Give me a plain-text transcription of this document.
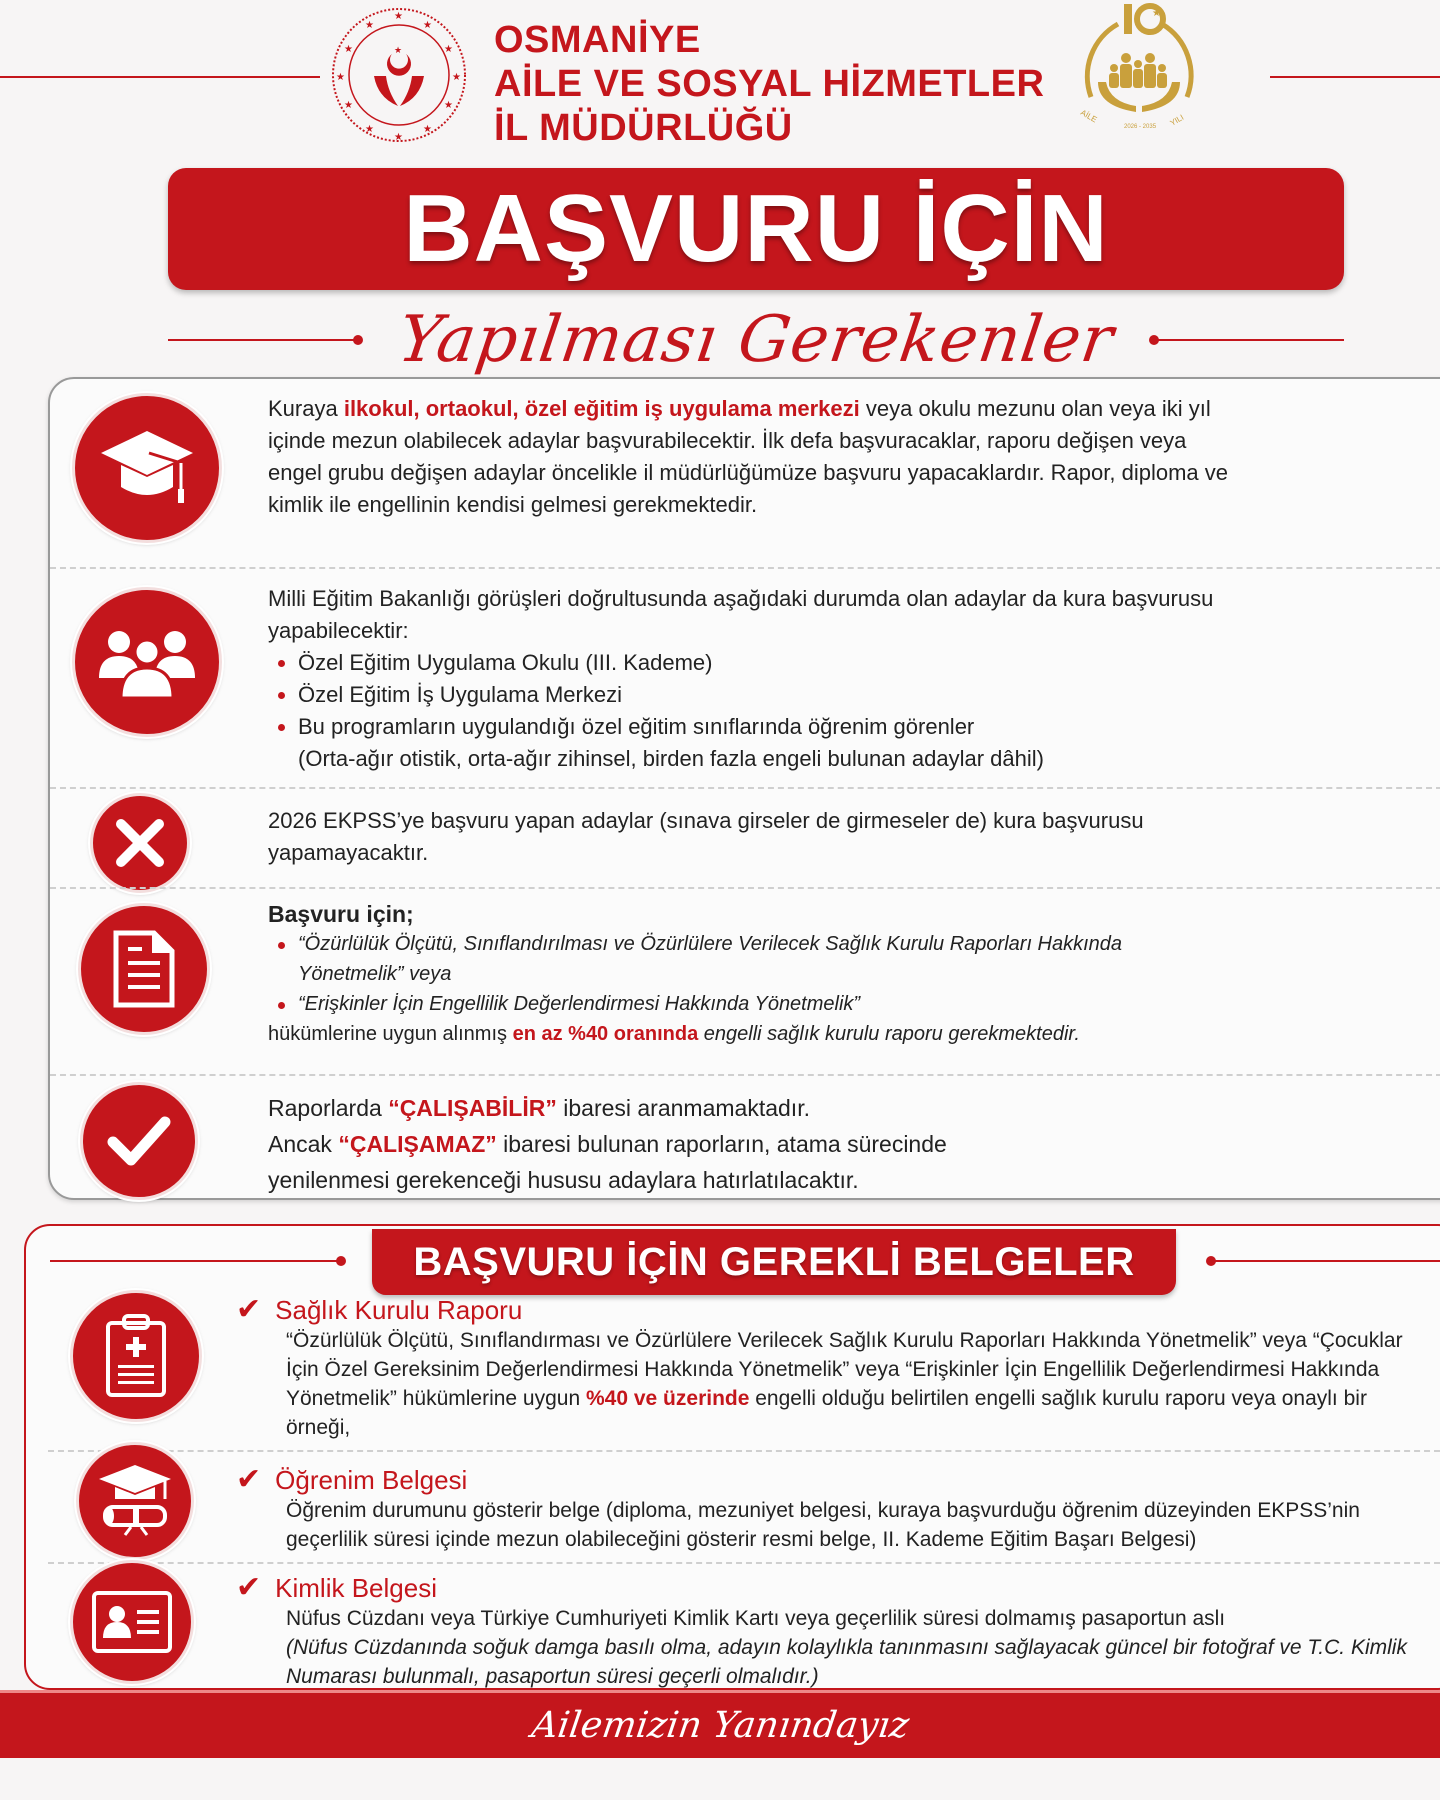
★
★	★
★	★
★	★
★	★
★	★
★
★ OSMANİYE
AİLE VE SOSYAL HİZMETLER
İL MÜDÜRLÜĞÜ
★
2026 - 2035
AİLE	YILI
BAŞVURU İÇİN
Yapılması Gerekenler
Kuraya ilkokul, ortaokul, özel eğitim iş uygulama merkezi veya okulu mezunu olan veya iki yıl içinde mezun olabilecek adaylar başvurabilecektir. İlk defa başvuracaklar, raporu değişen veya engel grubu değişen adaylar öncelikle il müdürlüğümüze başvuru yapacaklardır. Rapor, diploma ve kimlik ile engellinin kendisi gelmesi gerekmektedir.
Milli Eğitim Bakanlığı görüşleri doğrultusunda aşağıdaki durumda olan adaylar da kura başvurusu yapabilecektir:
Özel Eğitim Uygulama Okulu (III. Kademe)
Özel Eğitim İş Uygulama Merkezi
Bu programların uygulandığı özel eğitim sınıflarında öğrenim görenler
(Orta-ağır otistik, orta-ağır zihinsel, birden fazla engeli bulunan adaylar dâhil)
2026 EKPSS’ye başvuru yapan adaylar (sınava girseler de girmeseler de) kura başvurusu yapamayacaktır.
Başvuru için;
“Özürlülük Ölçütü, Sınıflandırılması ve Özürlülere Verilecek Sağlık Kurulu Raporları Hakkında Yönetmelik” veya
“Erişkinler İçin Engellilik Değerlendirmesi Hakkında Yönetmelik”
hükümlerine uygun alınmış en az %40 oranında engelli sağlık kurulu raporu gerekmektedir.
Raporlarda “ÇALIŞABİLİR” ibaresi aranmamaktadır.
Ancak “ÇALIŞAMAZ” ibaresi bulunan raporların, atama sürecinde
yenilenmesi gerekenceği hususu adaylara hatırlatılacaktır.
BAŞVURU İÇİN GEREKLİ BELGELER
✔ Sağlık Kurulu Raporu
“Özürlülük Ölçütü, Sınıflandırması ve Özürlülere Verilecek Sağlık Kurulu Raporları Hakkında Yönetmelik” veya “Çocuklar İçin Özel Gereksinim Değerlendirmesi Hakkında Yönetmelik” veya “Erişkinler İçin Engellilik Değerlendirmesi Hakkında Yönetmelik” hükümlerine uygun %40 ve üzerinde engelli olduğu belirtilen engelli sağlık kurulu raporu veya onaylı bir örneği,
✔ Öğrenim Belgesi
Öğrenim durumunu gösterir belge (diploma, mezuniyet belgesi, kuraya başvurduğu öğrenim düzeyinden EKPSS’nin geçerlilik süresi içinde mezun olabileceğini gösterir resmi belge, II. Kademe Eğitim Başarı Belgesi)
✔ Kimlik Belgesi
Nüfus Cüzdanı veya Türkiye Cumhuriyeti Kimlik Kartı veya geçerlilik süresi dolmamış pasaportun aslı
(Nüfus Cüzdanında soğuk damga basılı olma, adayın kolaylıkla tanınmasını sağlayacak güncel bir fotoğraf ve T.C. Kimlik Numarası bulunmalı, pasaportun süresi geçerli olmalıdır.)
Ailemizin Yanındayız
